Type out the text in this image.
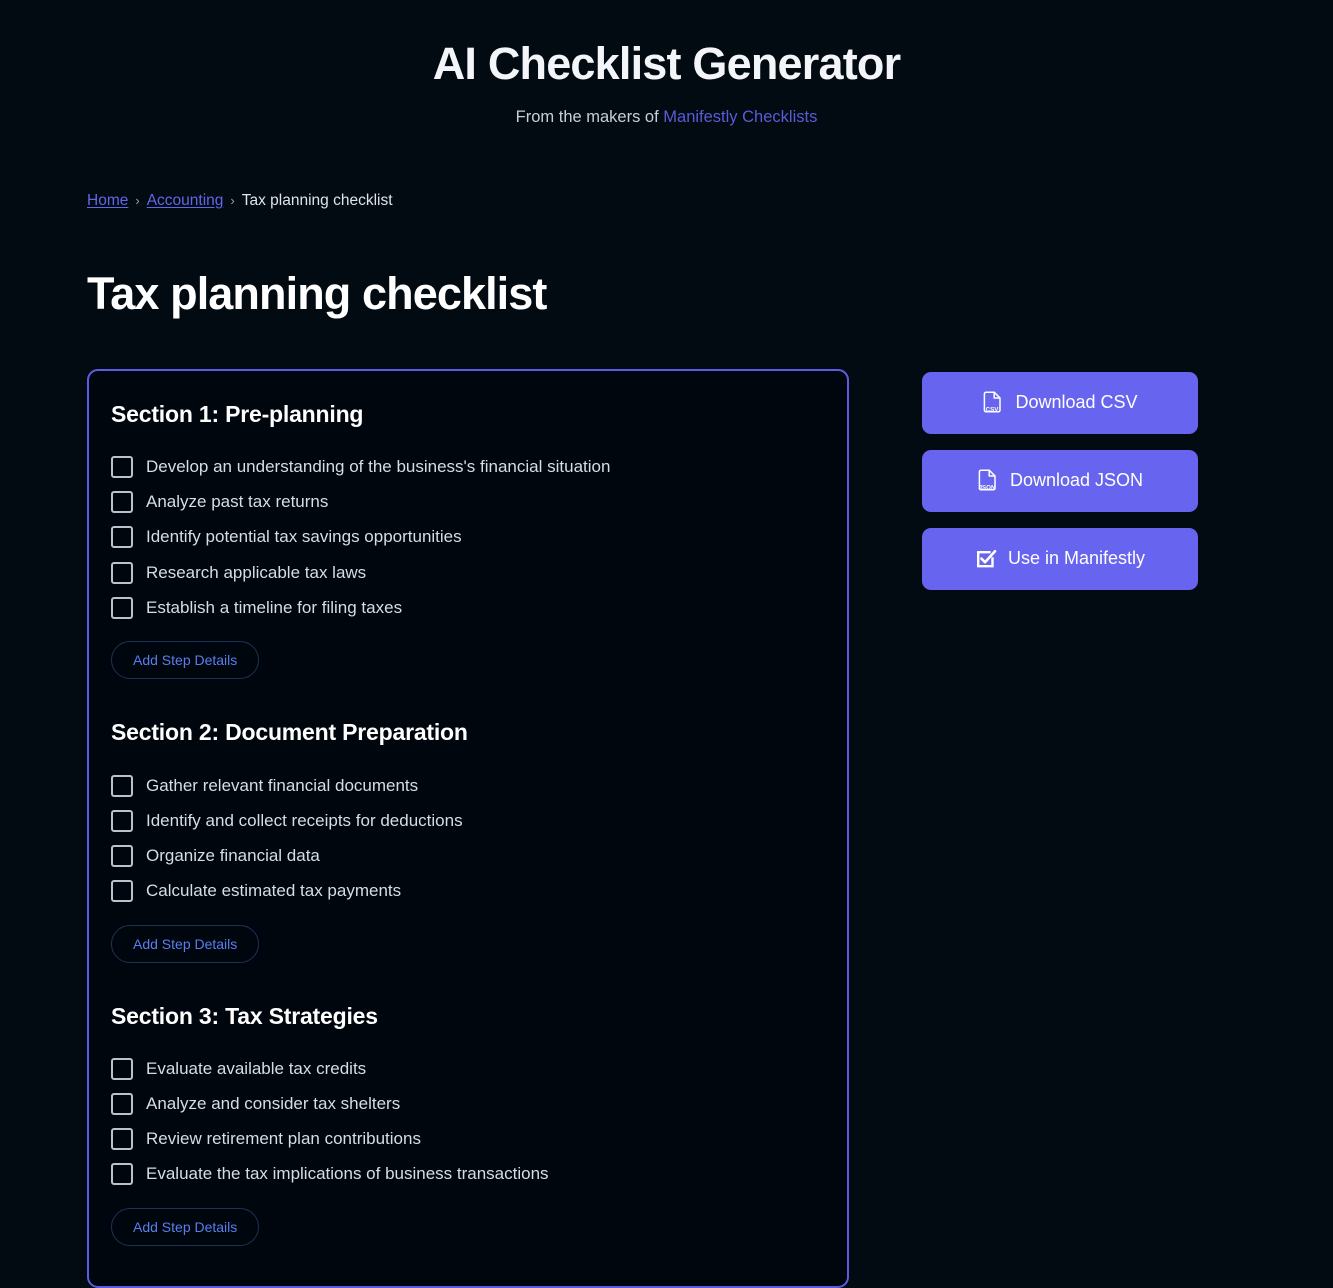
AI Checklist Generator

From the makers of Manifestly Checklists

Home › Accounting › Tax planning checklist
Tax planning checklist
Section 1: Pre-planning
Develop an understanding of the business's financial situation
Analyze past tax returns
Identify potential tax savings opportunities
Research applicable tax laws
Establish a timeline for filing taxes
Add Step Details
Section 2: Document Preparation
Gather relevant financial documents
Identify and collect receipts for deductions
Organize financial data
Calculate estimated tax payments
Add Step Details
Section 3: Tax Strategies
Evaluate available tax credits
Analyze and consider tax shelters
Review retirement plan contributions
Evaluate the tax implications of business transactions
Add Step Details
CSV Download CSV
JSON Download JSON
Use in Manifestly
